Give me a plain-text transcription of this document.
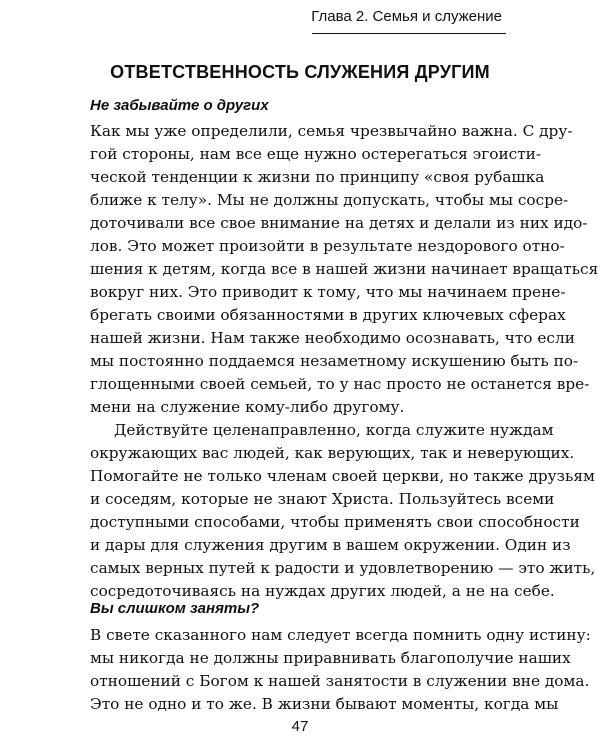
Глава 2. Семья и служение
ОТВЕТСТВЕННОСТЬ СЛУЖЕНИЯ ДРУГИМ
Не забывайте о других
Как мы уже определили, семья чрезвычайно важна. С дру-
гой стороны, нам все еще нужно остерегаться эгоисти-
ческой тенденции к жизни по принципу «своя рубашка
ближе к телу». Мы не должны допускать, чтобы мы сосре-
доточивали все свое внимание на детях и делали из них идо-
лов. Это может произойти в результате нездорового отно-
шения к детям, когда все в нашей жизни начинает вращаться
вокруг них. Это приводит к тому, что мы начинаем прене-
брегать своими обязанностями в других ключевых сферах
нашей жизни. Нам также необходимо осознавать, что если
мы постоянно поддаемся незаметному искушению быть по-
глощенными своей семьей, то у нас просто не останется вре-
мени на служение кому-либо другому.
Действуйте целенаправленно, когда служите нуждам
окружающих вас людей, как верующих, так и неверующих.
Помогайте не только членам своей церкви, но также друзьям
и соседям, которые не знают Христа. Пользуйтесь всеми
доступными способами, чтобы применять свои способности
и дары для служения другим в вашем окружении. Один из
самых верных путей к радости и удовлетворению — это жить,
сосредоточиваясь на нуждах других людей, а не на себе.
Вы слишком заняты?
В свете сказанного нам следует всегда помнить одну истину:
мы никогда не должны приравнивать благополучие наших
отношений с Богом к нашей занятости в служении вне дома.
Это не одно и то же. В жизни бывают моменты, когда мы
47
